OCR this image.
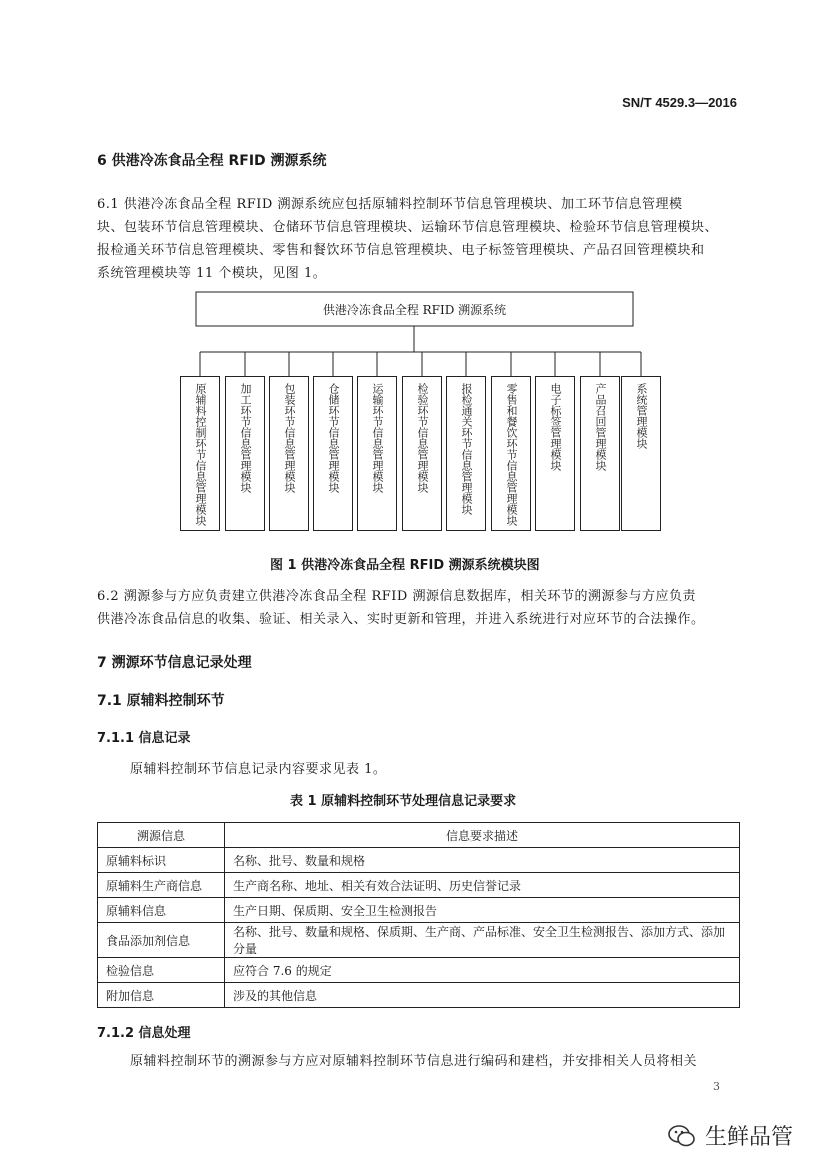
SN/T 4529.3—2016
6 供港冷冻食品全程 RFID 溯源系统
6.1 供港冷冻食品全程 RFID 溯源系统应包括原辅料控制环节信息管理模块、加工环节信息管理模
块、包装环节信息管理模块、仓储环节信息管理模块、运输环节信息管理模块、检验环节信息管理模块、
报检通关环节信息管理模块、零售和餐饮环节信息管理模块、电子标签管理模块、产品召回管理模块和
系统管理模块等 11 个模块，见图 1。
供港冷冻食品全程 RFID 溯源系统
原辅料控制环节信息管理模块	加工环节信息管理模块	包装环节信息管理模块	仓储环节信息管理模块	运输环节信息管理模块	检验环节信息管理模块	报检通关环节信息管理模块	零售和餐饮环节信息管理模块	电子标签管理模块	产品召回管理模块	系统管理模块
图 1 供港冷冻食品全程 RFID 溯源系统模块图
6.2 溯源参与方应负责建立供港冷冻食品全程 RFID 溯源信息数据库，相关环节的溯源参与方应负责
供港冷冻食品信息的收集、验证、相关录入、实时更新和管理，并进入系统进行对应环节的合法操作。
7 溯源环节信息记录处理
7.1 原辅料控制环节
7.1.1 信息记录
原辅料控制环节信息记录内容要求见表 1。
表 1 原辅料控制环节处理信息记录要求
溯源信息	信息要求描述
原辅料标识	名称、批号、数量和规格
原辅料生产商信息	生产商名称、地址、相关有效合法证明、历史信誉记录
原辅料信息	生产日期、保质期、安全卫生检测报告
食品添加剂信息	名称、批号、数量和规格、保质期、生产商、产品标准、安全卫生检测报告、添加方式、添加分量
检验信息	应符合 7.6 的规定
附加信息	涉及的其他信息
7.1.2 信息处理
原辅料控制环节的溯源参与方应对原辅料控制环节信息进行编码和建档，并安排相关人员将相关
3
生鲜品管
